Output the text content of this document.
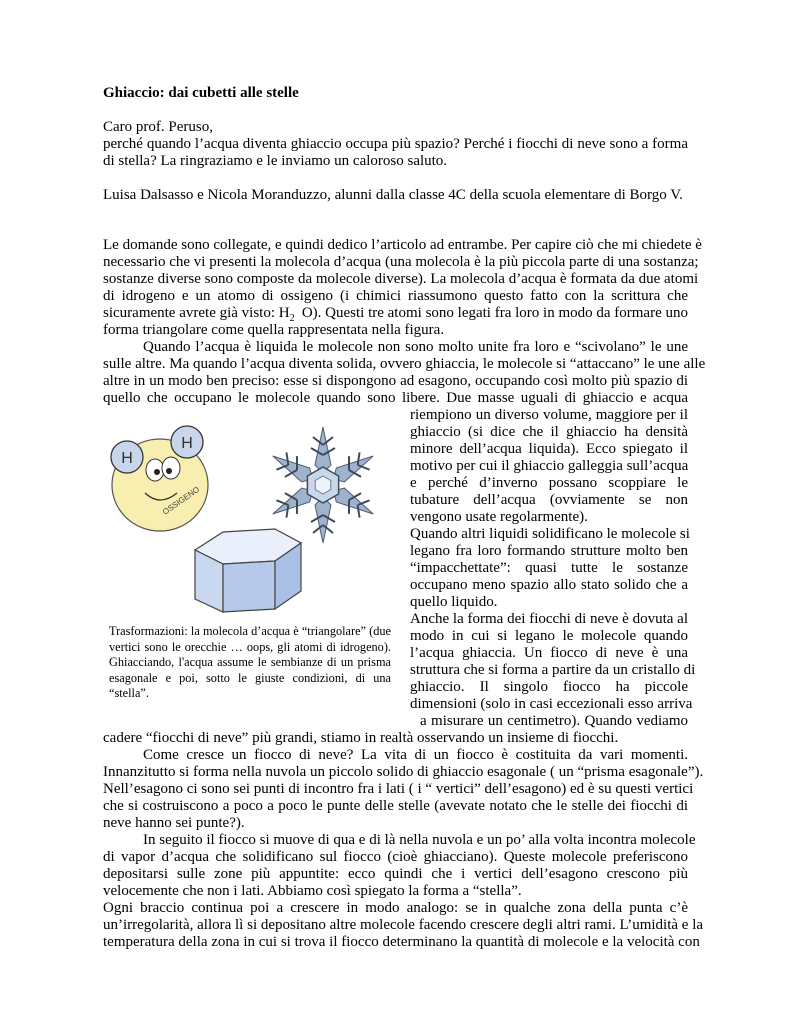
Ghiaccio: dai cubetti alle stelle
Caro prof. Peruso,
perché quando l’acqua diventa ghiaccio occupa più spazio? Perché i fiocchi di neve sono a forma
di stella? La ringraziamo e le inviamo un caloroso saluto.
Luisa Dalsasso e Nicola Moranduzzo, alunni dalla classe 4C della scuola elementare di Borgo V.
Le domande sono collegate, e quindi dedico l’articolo ad entrambe. Per capire ciò che mi chiedete è
necessario che vi presenti la molecola d’acqua (una molecola è la più piccola parte di una sostanza;
sostanze diverse sono composte da molecole diverse). La molecola d’acqua è formata da due atomi
di idrogeno e un atomo di ossigeno (i chimici riassumono questo fatto con la scrittura che
sicuramente avrete già visto: $H_2$ O). Questi tre atomi sono legati fra loro in modo da formare uno
forma triangolare come quella rappresentata nella figura.
Quando l’acqua è liquida le molecole non sono molto unite fra loro e “scivolano” le une
sulle altre. Ma quando l’acqua diventa solida, ovvero ghiaccia, le molecole si “attaccano” le une alle
altre in un modo ben preciso: esse si dispongono ad esagono, occupando così molto più spazio di
quello che occupano le molecole quando sono libere. Due masse uguali di ghiaccio e acqua
riempiono un diverso volume, maggiore per il
ghiaccio (si dice che il ghiaccio ha densità
minore dell’acqua liquida). Ecco spiegato il
motivo per cui il ghiaccio galleggia sull’acqua
e perché d’inverno possano scoppiare le
tubature dell’acqua (ovviamente se non
vengono usate regolarmente).
Quando altri liquidi solidificano le molecole si
legano fra loro formando strutture molto ben
“impacchettate”: quasi tutte le sostanze
occupano meno spazio allo stato solido che a
quello liquido.
Anche la forma dei fiocchi di neve è dovuta al
modo in cui si legano le molecole quando
l’acqua ghiaccia. Un fiocco di neve è una
struttura che si forma a partire da un cristallo di
ghiaccio. Il singolo fiocco ha piccole
dimensioni (solo in casi eccezionali esso arriva
a misurare un centimetro). Quando vediamo
H
H
OSSIGENO
Trasformazioni: la molecola d’acqua è “triangolare” (due
vertici sono le orecchie … oops, gli atomi di idrogeno).
Ghiacciando, l'acqua assume le sembianze di un prisma
esagonale e poi, sotto le giuste condizioni, di una
“stella”.
cadere “fiocchi di neve” più grandi, stiamo in realtà osservando un insieme di fiocchi.
Come cresce un fiocco di neve? La vita di un fiocco è costituita da vari momenti.
Innanzitutto si forma nella nuvola un piccolo solido di ghiaccio esagonale ( un “prisma esagonale”).
Nell’esagono ci sono sei punti di incontro fra i lati ( i “ vertici” dell’esagono) ed è su questi vertici
che si costruiscono a poco a poco le punte delle stelle (avevate notato che le stelle dei fiocchi di
neve hanno sei punte?).
In seguito il fiocco si muove di qua e di là nella nuvola e un po’ alla volta incontra molecole
di vapor d’acqua che solidificano sul fiocco (cioè ghiacciano). Queste molecole preferiscono
depositarsi sulle zone più appuntite: ecco quindi che i vertici dell’esagono crescono più
velocemente che non i lati. Abbiamo così spiegato la forma a “stella”.
Ogni braccio continua poi a crescere in modo analogo: se in qualche zona della punta c’è
un’irregolarità, allora lì si depositano altre molecole facendo crescere degli altri rami. L’umidità e la
temperatura della zona in cui si trova il fiocco determinano la quantità di molecole e la velocità con
